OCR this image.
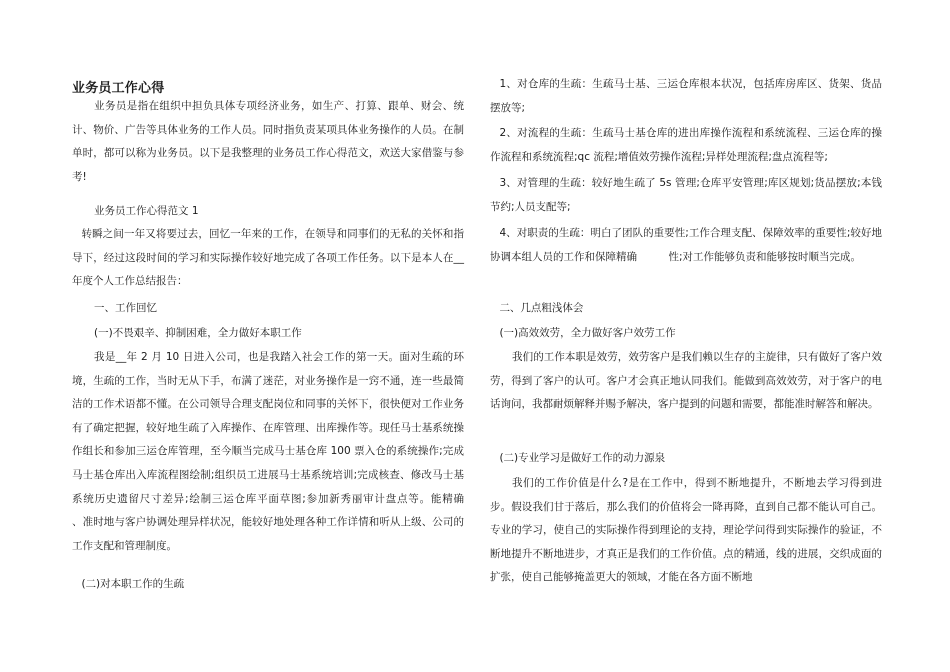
业务员工作心得

业务员是指在组织中担负具体专项经济业务，如生产、打算、跟单、财会、统计、物价、广告等具体业务的工作人员。同时指负责某项具体业务操作的人员。在制单时，都可以称为业务员。以下是我整理的业务员工作心得范文，欢送大家借鉴与参考!

业务员工作心得范文 1

转瞬之间一年又将要过去，回忆一年来的工作，在领导和同事们的无私的关怀和指导下，经过这段时间的学习和实际操作较好地完成了各项工作任务。以下是本人在__年度个人工作总结报告：

一、工作回忆

(一)不畏艰辛、抑制困难，全力做好本职工作

我是__年 2 月 10 日进入公司，也是我踏入社会工作的第一天。面对生疏的环境，生疏的工作，当时无从下手，布满了迷茫，对业务操作是一窍不通，连一些最简洁的工作术语都不懂。在公司领导合理支配岗位和同事的关怀下，很快便对工作业务有了确定把握，较好地生疏了入库操作、在库管理、出库操作等。现任马士基系统操作组长和参加三运仓库管理，至今顺当完成马士基仓库 100 票入仓的系统操作;完成马士基仓库出入库流程图绘制;组织员工进展马士基系统培训;完成核查、修改马士基系统历史遗留尺寸差异;绘制三运仓库平面草图;参加新秀丽审计盘点等。能精确　　　、准时地与客户协调处理异样状况，能较好地处理各种工作详情和听从上级、公司的工作支配和管理制度。

(二)对本职工作的生疏

1、对仓库的生疏：生疏马士基、三运仓库根本状况，包括库房库区、货架、货品摆放等;

2、对流程的生疏：生疏马士基仓库的进出库操作流程和系统流程、三运仓库的操作流程和系统流程;qc 流程;增值效劳操作流程;异样处理流程;盘点流程等;

3、对管理的生疏：较好地生疏了 5s 管理;仓库平安管理;库区规划;货品摆放;本钱节约;人员支配等;

4、对职责的生疏：明白了团队的重要性;工作合理支配、保障效率的重要性;较好地协调本组人员的工作和保障精确　　　性;对工作能够负责和能够按时顺当完成。

二、几点粗浅体会

(一)高效效劳，全力做好客户效劳工作

我们的工作本职是效劳，效劳客户是我们赖以生存的主旋律，只有做好了客户效劳，得到了客户的认可。客户才会真正地认同我们。能做到高效效劳，对于客户的电话询问，我都耐烦解释并赐予解决，客户提到的问题和需要，都能准时解答和解决。

(二)专业学习是做好工作的动力源泉

我们的工作价值是什么?是在工作中，得到不断地提升，不断地去学习得到进步。假设我们甘于落后，那么我们的价值将会一降再降，直到自己都不能认可自己。专业的学习，使自己的实际操作得到理论的支持，理论学问得到实际操作的验证，不断地提升不断地进步，才真正是我们的工作价值。点的精通，线的进展，交织成面的扩张，使自己能够掩盖更大的领域，才能在各方面不断地
